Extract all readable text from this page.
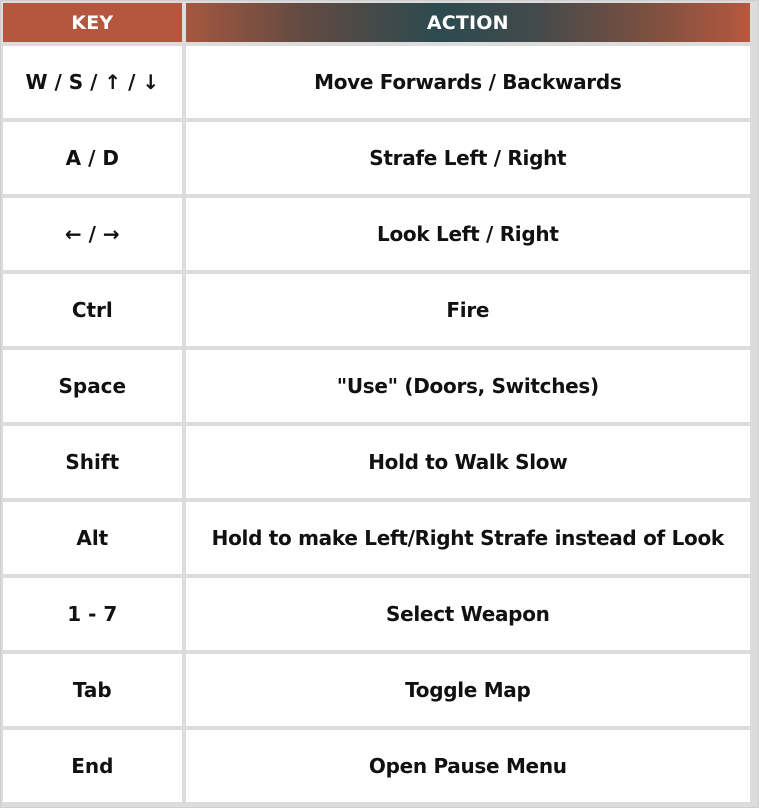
KEY	ACTION
W / S / ↑ / ↓	Move Forwards / Backwards
A / D	Strafe Left / Right
← / →	Look Left / Right
Ctrl	Fire
Space	"Use" (Doors, Switches)
Shift	Hold to Walk Slow
Alt	Hold to make Left/Right Strafe instead of Look
1 - 7	Select Weapon
Tab	Toggle Map
End	Open Pause Menu
